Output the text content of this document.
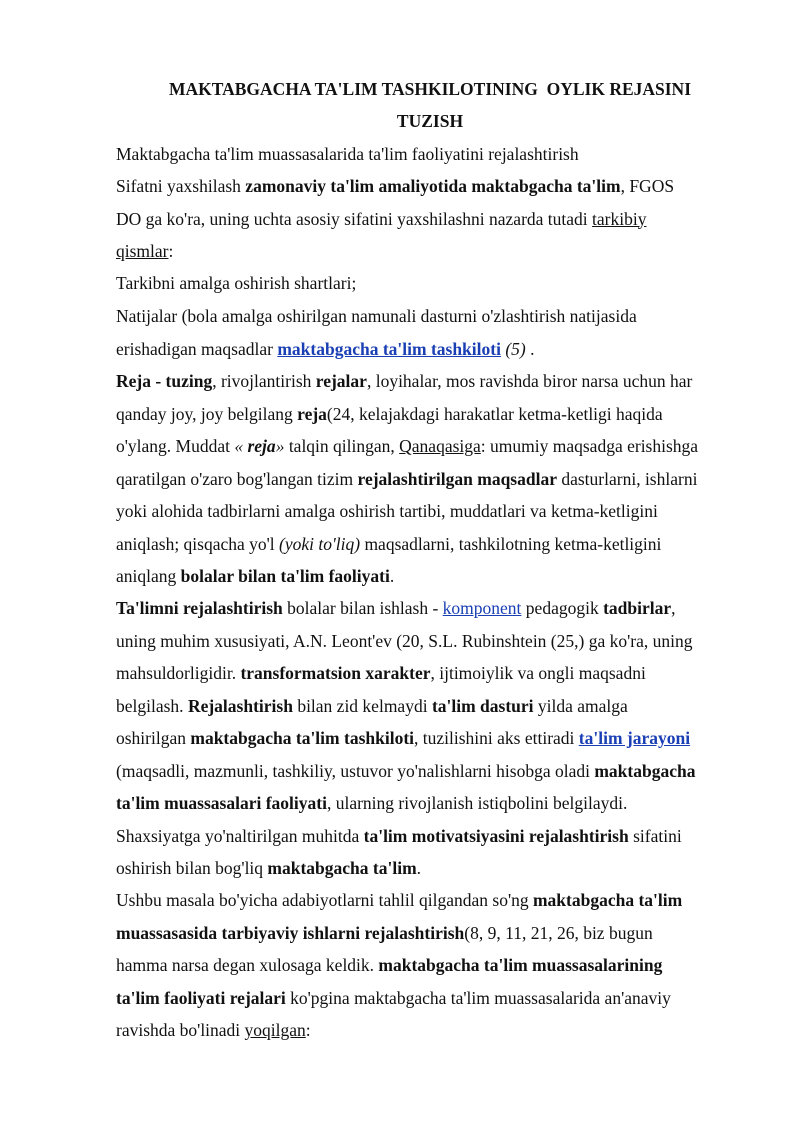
MAKTABGACHA TA'LIM TASHKILOTINING  OYLIK REJASINI
TUZISH

Maktabgacha ta'lim muassasalarida ta'lim faoliyatini rejalashtirish

Sifatni yaxshilash zamonaviy ta'lim amaliyotida maktabgacha ta'lim, FGOS
DO ga ko'ra, uning uchta asosiy sifatini yaxshilashni nazarda tutadi tarkibiy
qismlar:

Tarkibni amalga oshirish shartlari;

Natijalar (bola amalga oshirilgan namunali dasturni o'zlashtirish natijasida
erishadigan maqsadlar maktabgacha ta'lim tashkiloti (5) .

Reja - tuzing, rivojlantirish rejalar, loyihalar, mos ravishda biror narsa uchun har
qanday joy, joy belgilang reja(24, kelajakdagi harakatlar ketma-ketligi haqida
o'ylang. Muddat « reja» talqin qilingan, Qanaqasiga: umumiy maqsadga erishishga
qaratilgan o'zaro bog'langan tizim rejalashtirilgan maqsadlar dasturlarni, ishlarni
yoki alohida tadbirlarni amalga oshirish tartibi, muddatlari va ketma-ketligini
aniqlash; qisqacha yo'l (yoki to'liq) maqsadlarni, tashkilotning ketma-ketligini
aniqlang bolalar bilan ta'lim faoliyati.

Ta'limni rejalashtirish bolalar bilan ishlash - komponent pedagogik tadbirlar,
uning muhim xususiyati, A.N. Leont'ev (20, S.L. Rubinshtein (25,) ga ko'ra, uning
mahsuldorligidir. transformatsion xarakter, ijtimoiylik va ongli maqsadni
belgilash. Rejalashtirish bilan zid kelmaydi ta'lim dasturi yilda amalga
oshirilgan maktabgacha ta'lim tashkiloti, tuzilishini aks ettiradi ta'lim jarayoni
(maqsadli, mazmunli, tashkiliy, ustuvor yo'nalishlarni hisobga oladi maktabgacha
ta'lim muassasalari faoliyati, ularning rivojlanish istiqbolini belgilaydi.
Shaxsiyatga yo'naltirilgan muhitda ta'lim motivatsiyasini rejalashtirish sifatini
oshirish bilan bog'liq maktabgacha ta'lim.

Ushbu masala bo'yicha adabiyotlarni tahlil qilgandan so'ng maktabgacha ta'lim
muassasasida tarbiyaviy ishlarni rejalashtirish(8, 9, 11, 21, 26, biz bugun
hamma narsa degan xulosaga keldik. maktabgacha ta'lim muassasalarining
ta'lim faoliyati rejalari ko'pgina maktabgacha ta'lim muassasalarida an'anaviy
ravishda bo'linadi yoqilgan:
